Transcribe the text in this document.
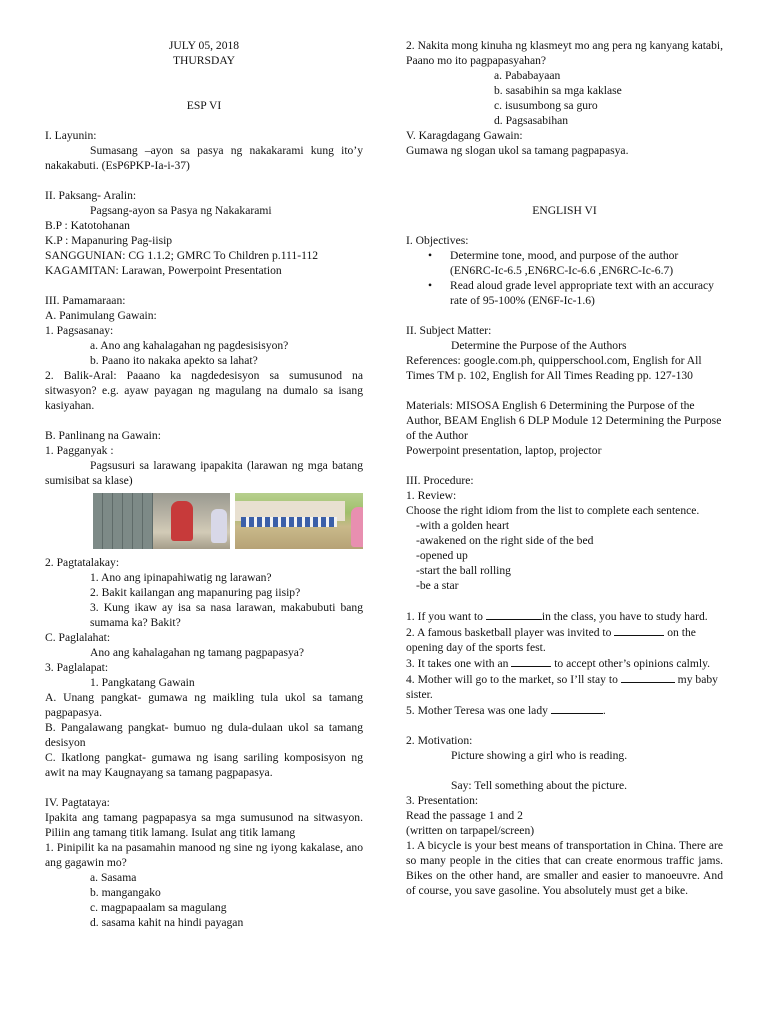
JULY 05, 2018

THURSDAY

ESP VI

I. Layunin:

Sumasang –ayon sa pasya ng nakakarami kung ito’y nakakabuti. (EsP6PKP-Ia-i-37)

II. Paksang- Aralin:

Pagsang-ayon sa Pasya ng Nakakarami

B.P : Katotohanan

K.P : Mapanuring Pag-iisip

SANGGUNIAN: CG 1.1.2; GMRC To Children p.111-112

KAGAMITAN: Larawan, Powerpoint Presentation

III. Pamamaraan:

A. Panimulang Gawain:

1. Pagsasanay:

a. Ano ang kahalagahan ng pagdesisisyon?

b. Paano ito nakaka apekto sa lahat?

2. Balik-Aral: Paaano ka nagdedesisyon sa sumusunod na sitwasyon? e.g. ayaw payagan ng magulang na dumalo sa isang kasiyahan.

B. Panlinang na Gawain:

1. Pagganyak :

Pagsusuri sa larawang ipapakita (larawan ng mga batang sumisibat sa klase)

2. Pagtatalakay:

1. Ano ang ipinapahiwatig ng larawan?

2. Bakit kailangan ang mapanuring pag iisip?

3. Kung ikaw ay isa sa nasa larawan, makabubuti bang sumama ka? Bakit?

C. Paglalahat:

Ano ang kahalagahan ng tamang pagpapasya?

3. Paglalapat:

1. Pangkatang Gawain

A. Unang pangkat- gumawa ng maikling tula ukol sa tamang pagpapasya.

B. Pangalawang pangkat- bumuo ng dula-dulaan ukol sa tamang desisyon

C. Ikatlong pangkat- gumawa ng isang sariling komposisyon ng awit na may Kaugnayang sa tamang pagpapasya.

IV. Pagtataya:

Ipakita ang tamang pagpapasya sa mga sumusunod na sitwasyon. Piliin ang tamang titik lamang. Isulat ang titik lamang

1. Pinipilit ka na pasamahin manood ng sine ng iyong kakalase, ano ang gagawin mo?

a. Sasama

b. mangangako

c. magpapaalam sa magulang

d. sasama kahit na hindi payagan

2. Nakita mong kinuha ng klasmeyt mo ang pera ng kanyang katabi, Paano mo ito pagpapasyahan?

a. Pababayaan

b. sasabihin sa mga kaklase

c. isusumbong sa guro

d. Pagsasabihan

V. Karagdagang Gawain:

Gumawa ng slogan ukol sa tamang pagpapasya.

ENGLISH VI

I. Objectives:

• Determine tone, mood, and purpose of the author (EN6RC-Ic-6.5 ,EN6RC-Ic-6.6 ,EN6RC-Ic-6.7)
• Read aloud grade level appropriate text with an accuracy rate of 95-100% (EN6F-Ic-1.6)

II. Subject Matter:

Determine the Purpose of the Authors

References: google.com.ph, quipperschool.com, English for All Times TM p. 102, English for All Times Reading pp. 127-130

Materials: MISOSA English 6 Determining the Purpose of the Author, BEAM English 6 DLP Module 12 Determining the Purpose of the Author

Powerpoint presentation, laptop, projector

III. Procedure:

1. Review:

Choose the right idiom from the list to complete each sentence.

-with a golden heart

-awakened on the right side of the bed

-opened up

-start the ball rolling

-be a star

1. If you want to	in the class, you have to study hard.

2. A famous basketball player was invited to	on the opening day of the sports fest.

3. It takes one with an	to accept other’s opinions calmly.

4. Mother will go to the market, so I’ll stay to	my baby sister.

5. Mother Teresa was one lady	.

2. Motivation:

Picture showing a girl who is reading.

Say: Tell something about the picture.

3. Presentation:

Read the passage 1 and 2

(written on tarpapel/screen)

1. A bicycle is your best means of transportation in China. There are so many people in the cities that can create enormous traffic jams. Bikes on the other hand, are smaller and easier to manoeuvre. And of course, you save gasoline. You absolutely must get a bike.
